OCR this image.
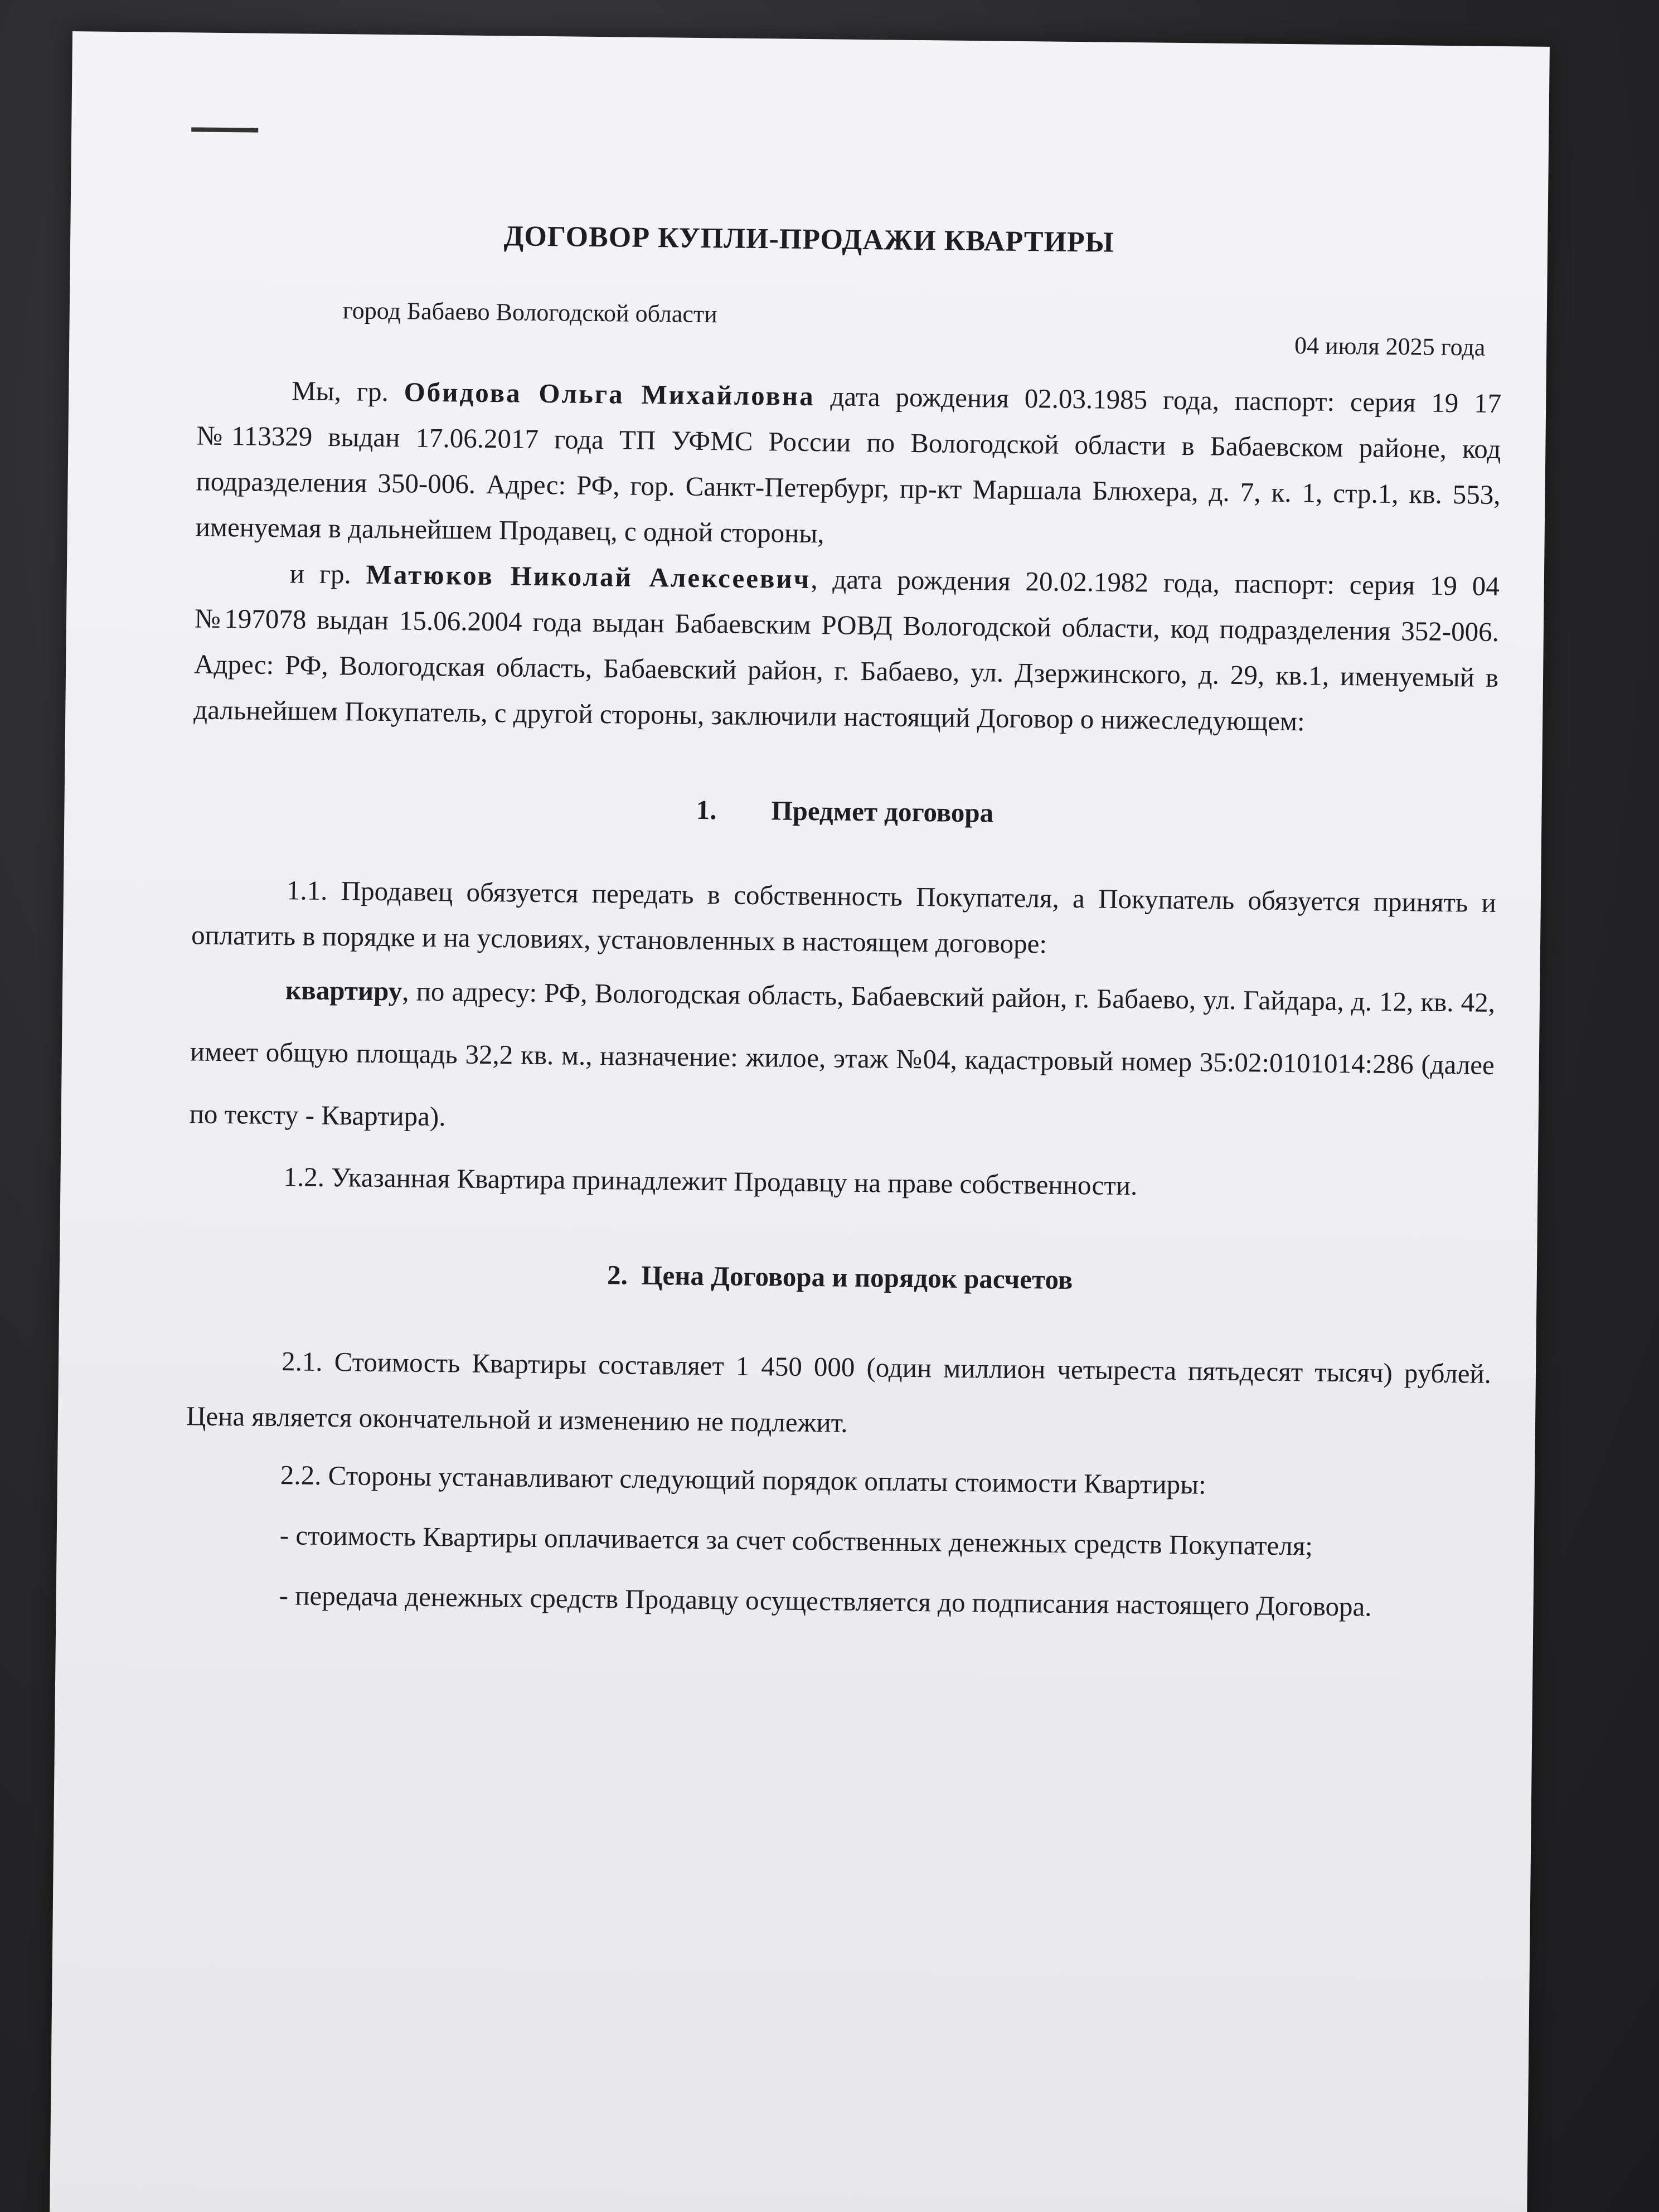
ДОГОВОР КУПЛИ-ПРОДАЖИ КВАРТИРЫ
город Бабаево Вологодской области
04 июля 2025 года

Мы, гр. Обидова Ольга Михайловна дата рождения 02.03.1985 года, паспорт: серия 19 17 №113329 выдан 17.06.2017 года ТП УФМС России по Вологодской области в Бабаевском районе, код подразделения 350-006. Адрес: РФ, гор. Санкт-Петербург, пр-кт Маршала Блюхера, д. 7, к. 1, стр.1, кв. 553, именуемая в дальнейшем Продавец, с одной стороны,

и гр. Матюков Николай Алексеевич, дата рождения 20.02.1982 года, паспорт: серия 19 04 №197078 выдан 15.06.2004 года выдан Бабаевским РОВД Вологодской области, код подразделения 352-006. Адрес: РФ, Вологодская область, Бабаевский район, г. Бабаево, ул. Дзержинского, д. 29, кв.1, именуемый в дальнейшем Покупатель, с другой стороны, заключили настоящий Договор о нижеследующем:

1.        Предмет договора

1.1. Продавец обязуется передать в собственность Покупателя, а Покупатель обязуется принять и оплатить в порядке и на условиях, установленных в настоящем договоре:

квартиру, по адресу: РФ, Вологодская область, Бабаевский район, г. Бабаево, ул. Гайдара, д. 12, кв. 42, имеет общую площадь 32,2 кв. м., назначение: жилое, этаж №04, кадастровый номер 35:02:0101014:286 (далее по тексту - Квартира).

1.2. Указанная Квартира принадлежит Продавцу на праве собственности.

2.  Цена Договора и порядок расчетов

2.1. Стоимость Квартиры составляет 1 450 000 (один миллион четыреста пятьдесят тысяч) рублей. Цена является окончательной и изменению не подлежит.

2.2. Стороны устанавливают следующий порядок оплаты стоимости Квартиры:

- стоимость Квартиры оплачивается за счет собственных денежных средств Покупателя;

- передача денежных средств Продавцу осуществляется до подписания настоящего Договора.
